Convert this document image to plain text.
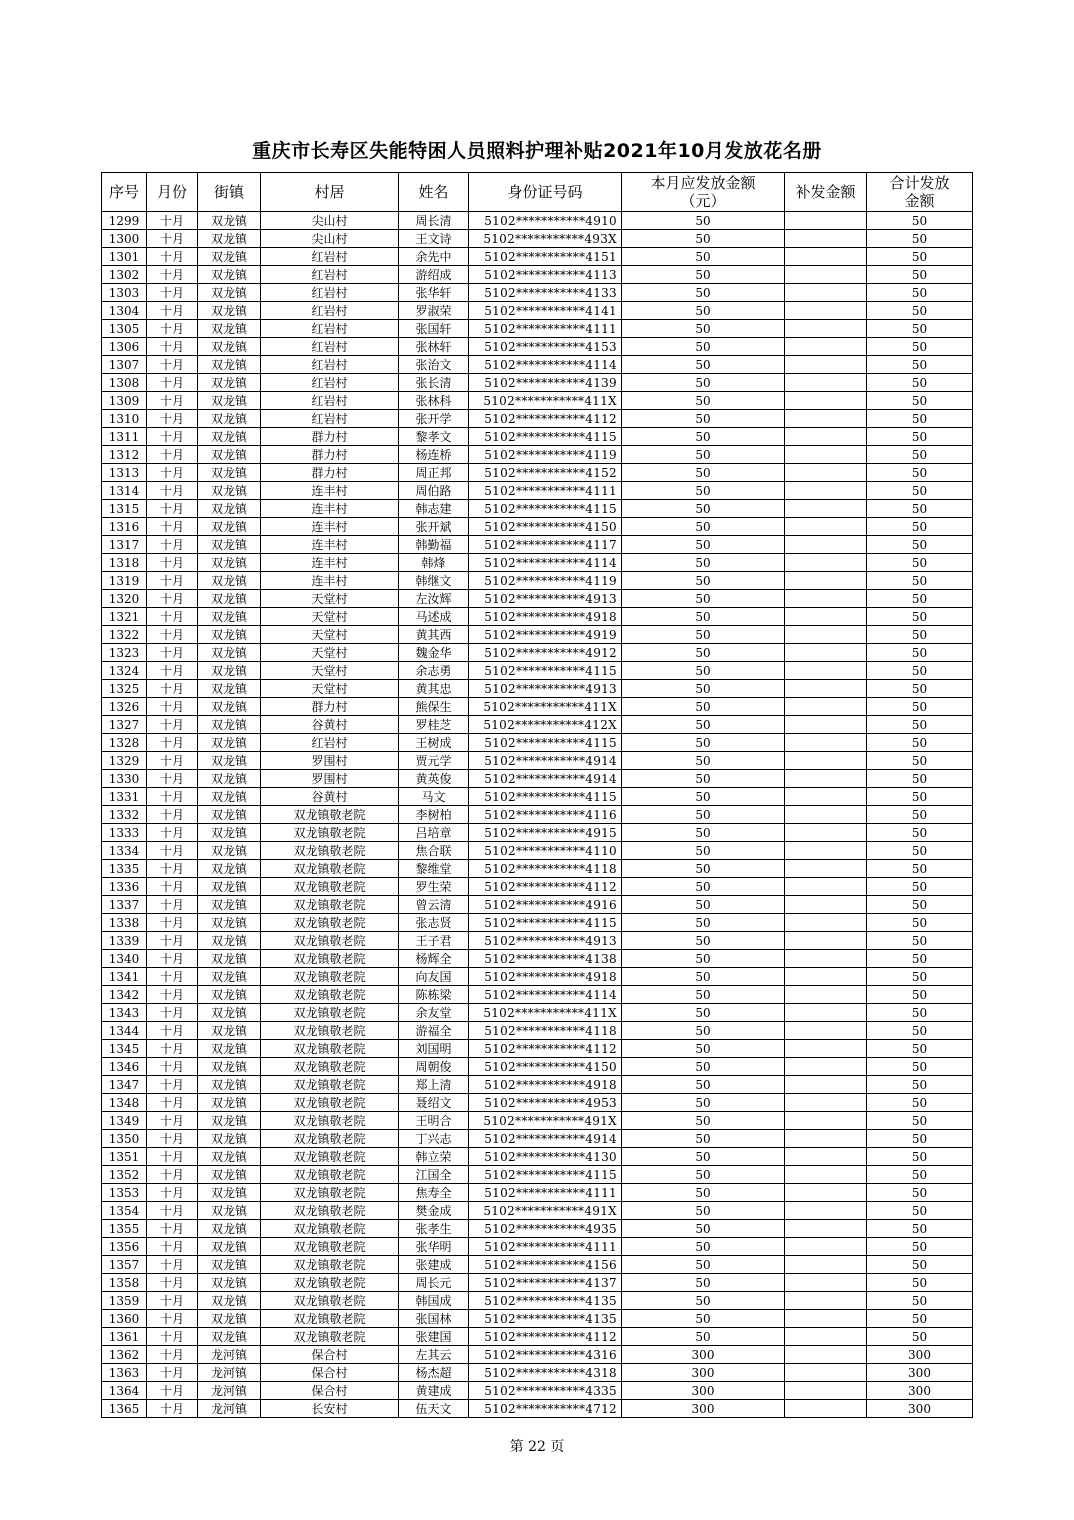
重庆市长寿区失能特困人员照料护理补贴2021年10月发放花名册
序号	月份	街镇	村居	姓名	身份证号码	本月应发放金额（元）	补发金额	合计发放金额
1299	十月	双龙镇	尖山村	周长清	5102***********4910	50		50
1300	十月	双龙镇	尖山村	王文诗	5102***********493X	50		50
1301	十月	双龙镇	红岩村	余先中	5102***********4151	50		50
1302	十月	双龙镇	红岩村	游绍成	5102***********4113	50		50
1303	十月	双龙镇	红岩村	张华轩	5102***********4133	50		50
1304	十月	双龙镇	红岩村	罗淑荣	5102***********4141	50		50
1305	十月	双龙镇	红岩村	张国轩	5102***********4111	50		50
1306	十月	双龙镇	红岩村	张林轩	5102***********4153	50		50
1307	十月	双龙镇	红岩村	张治文	5102***********4114	50		50
1308	十月	双龙镇	红岩村	张长清	5102***********4139	50		50
1309	十月	双龙镇	红岩村	张林科	5102***********411X	50		50
1310	十月	双龙镇	红岩村	张开学	5102***********4112	50		50
1311	十月	双龙镇	群力村	黎孝文	5102***********4115	50		50
1312	十月	双龙镇	群力村	杨连桥	5102***********4119	50		50
1313	十月	双龙镇	群力村	周正邦	5102***********4152	50		50
1314	十月	双龙镇	连丰村	周伯路	5102***********4111	50		50
1315	十月	双龙镇	连丰村	韩志建	5102***********4115	50		50
1316	十月	双龙镇	连丰村	张开斌	5102***********4150	50		50
1317	十月	双龙镇	连丰村	韩勤福	5102***********4117	50		50
1318	十月	双龙镇	连丰村	韩烽	5102***********4114	50		50
1319	十月	双龙镇	连丰村	韩继文	5102***********4119	50		50
1320	十月	双龙镇	天堂村	左汝辉	5102***********4913	50		50
1321	十月	双龙镇	天堂村	马述成	5102***********4918	50		50
1322	十月	双龙镇	天堂村	黄其西	5102***********4919	50		50
1323	十月	双龙镇	天堂村	魏金华	5102***********4912	50		50
1324	十月	双龙镇	天堂村	余志勇	5102***********4115	50		50
1325	十月	双龙镇	天堂村	黄其忠	5102***********4913	50		50
1326	十月	双龙镇	群力村	熊保生	5102***********411X	50		50
1327	十月	双龙镇	谷黄村	罗桂芝	5102***********412X	50		50
1328	十月	双龙镇	红岩村	王树成	5102***********4115	50		50
1329	十月	双龙镇	罗围村	贾元学	5102***********4914	50		50
1330	十月	双龙镇	罗围村	黄英俊	5102***********4914	50		50
1331	十月	双龙镇	谷黄村	马文	5102***********4115	50		50
1332	十月	双龙镇	双龙镇敬老院	李树柏	5102***********4116	50		50
1333	十月	双龙镇	双龙镇敬老院	吕培章	5102***********4915	50		50
1334	十月	双龙镇	双龙镇敬老院	焦合联	5102***********4110	50		50
1335	十月	双龙镇	双龙镇敬老院	黎维堂	5102***********4118	50		50
1336	十月	双龙镇	双龙镇敬老院	罗生荣	5102***********4112	50		50
1337	十月	双龙镇	双龙镇敬老院	曾云清	5102***********4916	50		50
1338	十月	双龙镇	双龙镇敬老院	张志贤	5102***********4115	50		50
1339	十月	双龙镇	双龙镇敬老院	王子君	5102***********4913	50		50
1340	十月	双龙镇	双龙镇敬老院	杨辉全	5102***********4138	50		50
1341	十月	双龙镇	双龙镇敬老院	向友国	5102***********4918	50		50
1342	十月	双龙镇	双龙镇敬老院	陈栋梁	5102***********4114	50		50
1343	十月	双龙镇	双龙镇敬老院	余友堂	5102***********411X	50		50
1344	十月	双龙镇	双龙镇敬老院	游福全	5102***********4118	50		50
1345	十月	双龙镇	双龙镇敬老院	刘国明	5102***********4112	50		50
1346	十月	双龙镇	双龙镇敬老院	周朝俊	5102***********4150	50		50
1347	十月	双龙镇	双龙镇敬老院	郑上清	5102***********4918	50		50
1348	十月	双龙镇	双龙镇敬老院	聂绍文	5102***********4953	50		50
1349	十月	双龙镇	双龙镇敬老院	王明合	5102***********491X	50		50
1350	十月	双龙镇	双龙镇敬老院	丁兴志	5102***********4914	50		50
1351	十月	双龙镇	双龙镇敬老院	韩立荣	5102***********4130	50		50
1352	十月	双龙镇	双龙镇敬老院	江国全	5102***********4115	50		50
1353	十月	双龙镇	双龙镇敬老院	焦寿全	5102***********4111	50		50
1354	十月	双龙镇	双龙镇敬老院	樊金成	5102***********491X	50		50
1355	十月	双龙镇	双龙镇敬老院	张孝生	5102***********4935	50		50
1356	十月	双龙镇	双龙镇敬老院	张华明	5102***********4111	50		50
1357	十月	双龙镇	双龙镇敬老院	张建成	5102***********4156	50		50
1358	十月	双龙镇	双龙镇敬老院	周长元	5102***********4137	50		50
1359	十月	双龙镇	双龙镇敬老院	韩国成	5102***********4135	50		50
1360	十月	双龙镇	双龙镇敬老院	张国林	5102***********4135	50		50
1361	十月	双龙镇	双龙镇敬老院	张建国	5102***********4112	50		50
1362	十月	龙河镇	保合村	左其云	5102***********4316	300		300
1363	十月	龙河镇	保合村	杨杰超	5102***********4318	300		300
1364	十月	龙河镇	保合村	黄建成	5102***********4335	300		300
1365	十月	龙河镇	长安村	伍天文	5102***********4712	300		300
第 22 页
